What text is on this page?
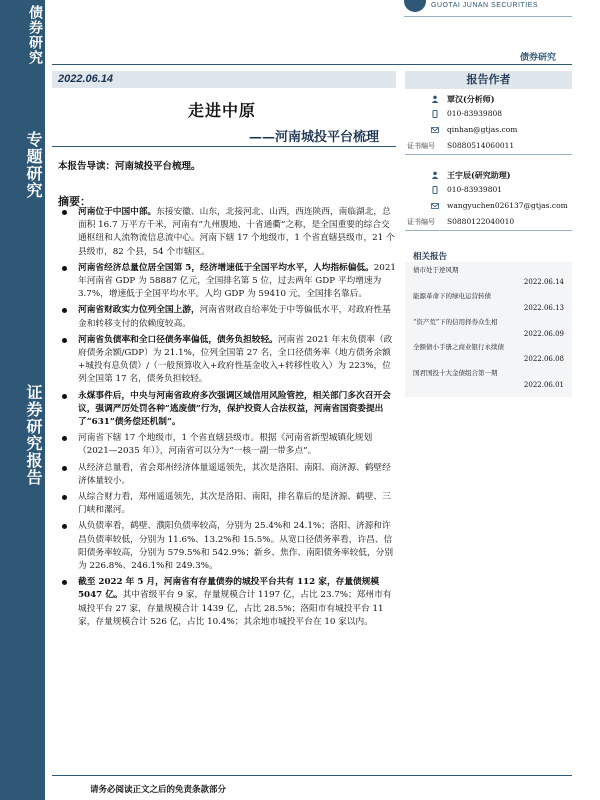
债券研究
专题研究
证券研究报告
GUOTAI JUNAN SECURITIES
债券研究
2022.06.14
走进中原
——河南城投平台梳理
本报告导读：河南城投平台梳理。
摘要：
河南位于中国中部。东接安徽、山东，北接河北、山西，西连陕西，南临湖北，总面积 16.7 万平方千米，河南有“九州腹地、十省通衢”之称，是全国重要的综合交通枢纽和人流物流信息流中心。河南下辖 17 个地级市，1 个省直辖县级市，21 个县级市，82 个县，54 个市辖区。
河南省经济总量位居全国第 5，经济增速低于全国平均水平，人均指标偏低。2021 年河南省 GDP 为 58887 亿元，全国排名第 5 位，过去两年 GDP 平均增速为 3.7%，增速低于全国平均水平。人均 GDP 为 59410 元，全国排名靠后。
河南省财政实力位列全国上游，河南省财政自给率处于中等偏低水平，对政府性基金和转移支付的依赖度较高。
河南省负债率和全口径债务率偏低，债务负担较轻。河南省 2021 年末负债率（政府债务余额/GDP）为 21.1%，位列全国第 27 名，全口径债务率（地方债务余额+城投有息负债）/（一般预算收入+政府性基金收入+转移性收入）为 223%，位列全国第 17 名，债务负担较轻。
永煤事件后，中央与河南省政府多次强调区域信用风险管控，相关部门多次召开会议，强调严厉处罚各种“逃废债”行为，保护投资人合法权益，河南省国资委提出了“631”债务偿还机制”。
河南省下辖 17 个地级市，1 个省直辖县级市。根据《河南省新型城镇化规划（2021—2035 年）》，河南省可以分为“一核一副一带多点”。
从经济总量看，省会郑州经济体量遥遥领先，其次是洛阳、南阳、商济源、鹤壁经济体量较小。
从综合财力看，郑州遥遥领先，其次是洛阳、南阳，排名靠后的是济源、鹤壁、三门峡和漯河。
从负债率看，鹤壁、濮阳负债率较高，分别为 25.4%和 24.1%；洛阳、济源和许昌负债率较低，分别为 11.6%、13.2%和 15.5%。从宽口径债务率看，许昌、信阳债务率较高，分别为 579.5%和 542.9%；新乡、焦作、南阳债务率较低，分别为 226.8%、246.1%和 249.3%。
截至 2022 年 5 月，河南省有存量债券的城投平台共有 112 家，存量债规模 5047 亿。其中省级平台 9 家，存量规模合计 1197 亿，占比 23.7%；郑州市有城投平台 27 家，存量规模合计 1439 亿，占比 28.5%；洛阳市有城投平台 11 家，存量规模合计 526 亿，占比 10.4%；其余地市城投平台在 10 家以内。
报告作者
覃汉(分析师)
010-83939808
qinhan@gtjas.com
证书编号 S0880514060011
王宇辰(研究助理)
010-83939801
wangyuchen026137@gtjas.com
证书编号 S0880122040010
相关报告
债市处于逆风期
2022.06.14
能源革命下的绿电运营转债
2022.06.13
“资产荒”下的信用择券众生相
2022.06.09
全额债小手册之商业银行永续债
2022.06.08
国君国投十大金债组合第一期
2022.06.01
请务必阅读正文之后的免责条款部分
